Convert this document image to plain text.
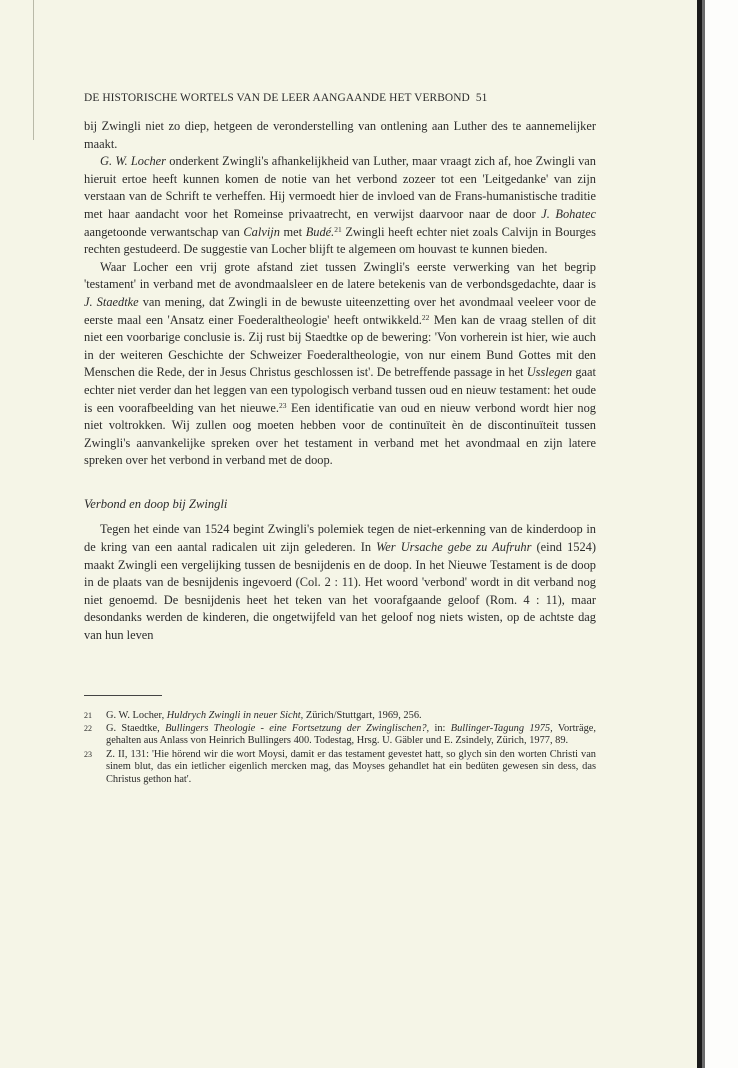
DE HISTORISCHE WORTELS VAN DE LEER AANGAANDE HET VERBOND 51

bij Zwingli niet zo diep, hetgeen de veronderstelling van ontlening aan Luther des te aannemelijker maakt.

G. W. Locher onderkent Zwingli's afhankelijkheid van Luther, maar vraagt zich af, hoe Zwingli van hieruit ertoe heeft kunnen komen de notie van het verbond zozeer tot een 'Leitgedanke' van zijn verstaan van de Schrift te verheffen. Hij vermoedt hier de invloed van de Frans-humanistische traditie met haar aandacht voor het Romeinse privaatrecht, en verwijst daarvoor naar de door J. Bohatec aangetoonde verwantschap van Calvijn met Budé.$^{21}$ Zwingli heeft echter niet zoals Calvijn in Bourges rechten gestudeerd. De suggestie van Locher blijft te algemeen om houvast te kunnen bieden.

Waar Locher een vrij grote afstand ziet tussen Zwingli's eerste verwerking van het begrip 'testament' in verband met de avondmaalsleer en de latere betekenis van de verbondsgedachte, daar is J. Staedtke van mening, dat Zwingli in de bewuste uiteenzetting over het avondmaal veeleer voor de eerste maal een 'Ansatz einer Foederaltheologie' heeft ontwikkeld.$^{22}$ Men kan de vraag stellen of dit niet een voorbarige conclusie is. Zij rust bij Staedtke op de bewering: 'Von vorherein ist hier, wie auch in der weiteren Geschichte der Schweizer Foederaltheologie, von nur einem Bund Gottes mit den Menschen die Rede, der in Jesus Christus geschlossen ist'. De betreffende passage in het Usslegen gaat echter niet verder dan het leggen van een typologisch verband tussen oud en nieuw testament: het oude is een voorafbeelding van het nieuwe.$^{23}$ Een identificatie van oud en nieuw verbond wordt hier nog niet voltrokken. Wij zullen oog moeten hebben voor de continuïteit èn de discontinuïteit tussen Zwingli's aanvankelijke spreken over het testament in verband met het avondmaal en zijn latere spreken over het verbond in verband met de doop.

Verbond en doop bij Zwingli

Tegen het einde van 1524 begint Zwingli's polemiek tegen de niet-erkenning van de kinderdoop in de kring van een aantal radicalen uit zijn gelederen. In Wer Ursache gebe zu Aufruhr (eind 1524) maakt Zwingli een vergelijking tussen de besnijdenis en de doop. In het Nieuwe Testament is de doop in de plaats van de besnijdenis ingevoerd (Col. 2 : 11). Het woord 'verbond' wordt in dit verband nog niet genoemd. De besnijdenis heet het teken van het voorafgaande geloof (Rom. 4 : 11), maar desondanks werden de kinderen, die ongetwijfeld van het geloof nog niets wisten, op de achtste dag van hun leven

21 G. W. Locher, Huldrych Zwingli in neuer Sicht, Zürich/Stuttgart, 1969, 256.
22 G. Staedtke, Bullingers Theologie - eine Fortsetzung der Zwinglischen?, in: Bullinger-Tagung 1975, Vorträge, gehalten aus Anlass von Heinrich Bullingers 400. Todestag, Hrsg. U. Gäbler und E. Zsindely, Zürich, 1977, 89.
23 Z. II, 131: 'Hie hörend wir die wort Moysi, damit er das testament gevestet hatt, so glych sin den worten Christi van sinem blut, das ein ietlicher eigenlich mercken mag, das Moyses gehandlet hat ein bedüten gewesen sin dess, das Christus gethon hat'.
